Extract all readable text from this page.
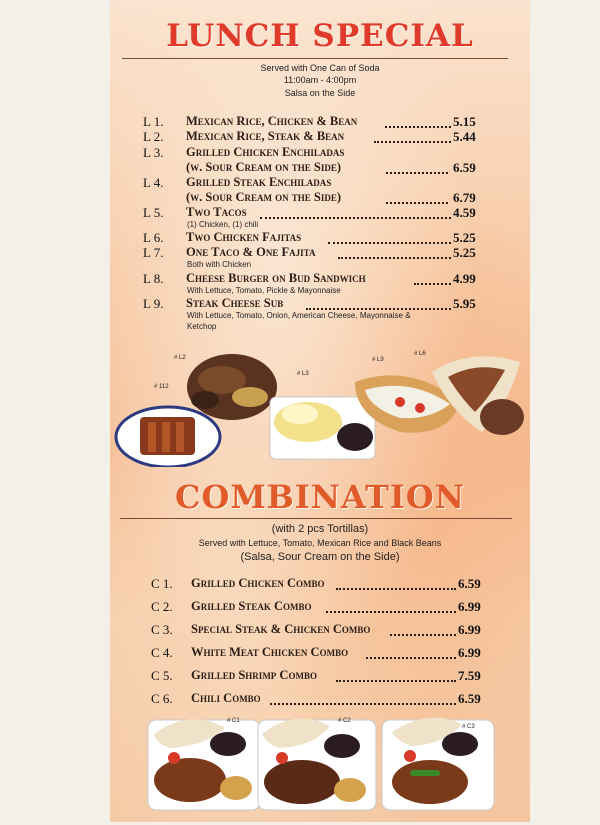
LUNCH SPECIAL
Served with One Can of Soda
11:00am - 4:00pm
Salsa on the Side
L 1. Mexican Rice, Chicken & Bean	5.15
L 2. Mexican Rice, Steak & Bean	5.44
L 3. Grilled Chicken Enchiladas
(w. Sour Cream on the Side)	6.59
L 4. Grilled Steak Enchiladas
(w. Sour Cream on the Side)	6.79
L 5. Two Tacos	4.59
(1) Chicken, (1) chili
L 6. Two Chicken Fajitas	5.25
L 7. One Taco & One Fajita	5.25
Both with Chicken
L 8. Cheese Burger on Bud Sandwich	4.99
With Lettuce, Tomato, Pickle & Mayonnaise
L 9. Steak Cheese Sub	5.95
With Lettuce, Tomato, Onion, American Cheese, Mayonnaise &
Ketchop
# L2
# 112
# L3
# L9
# L6
COMBINATION
(with 2 pcs Tortillas)
Served with Lettuce, Tomato, Mexican Rice and Black Beans
(Salsa, Sour Cream on the Side)
C 1. Grilled Chicken Combo	6.59
C 2. Grilled Steak Combo	6.99
C 3. Special Steak & Chicken Combo	6.99
C 4. White Meat Chicken Combo	6.99
C 5. Grilled Shrimp Combo	7.59
C 6. Chili Combo	6.59
# C1	# C2
# C3
